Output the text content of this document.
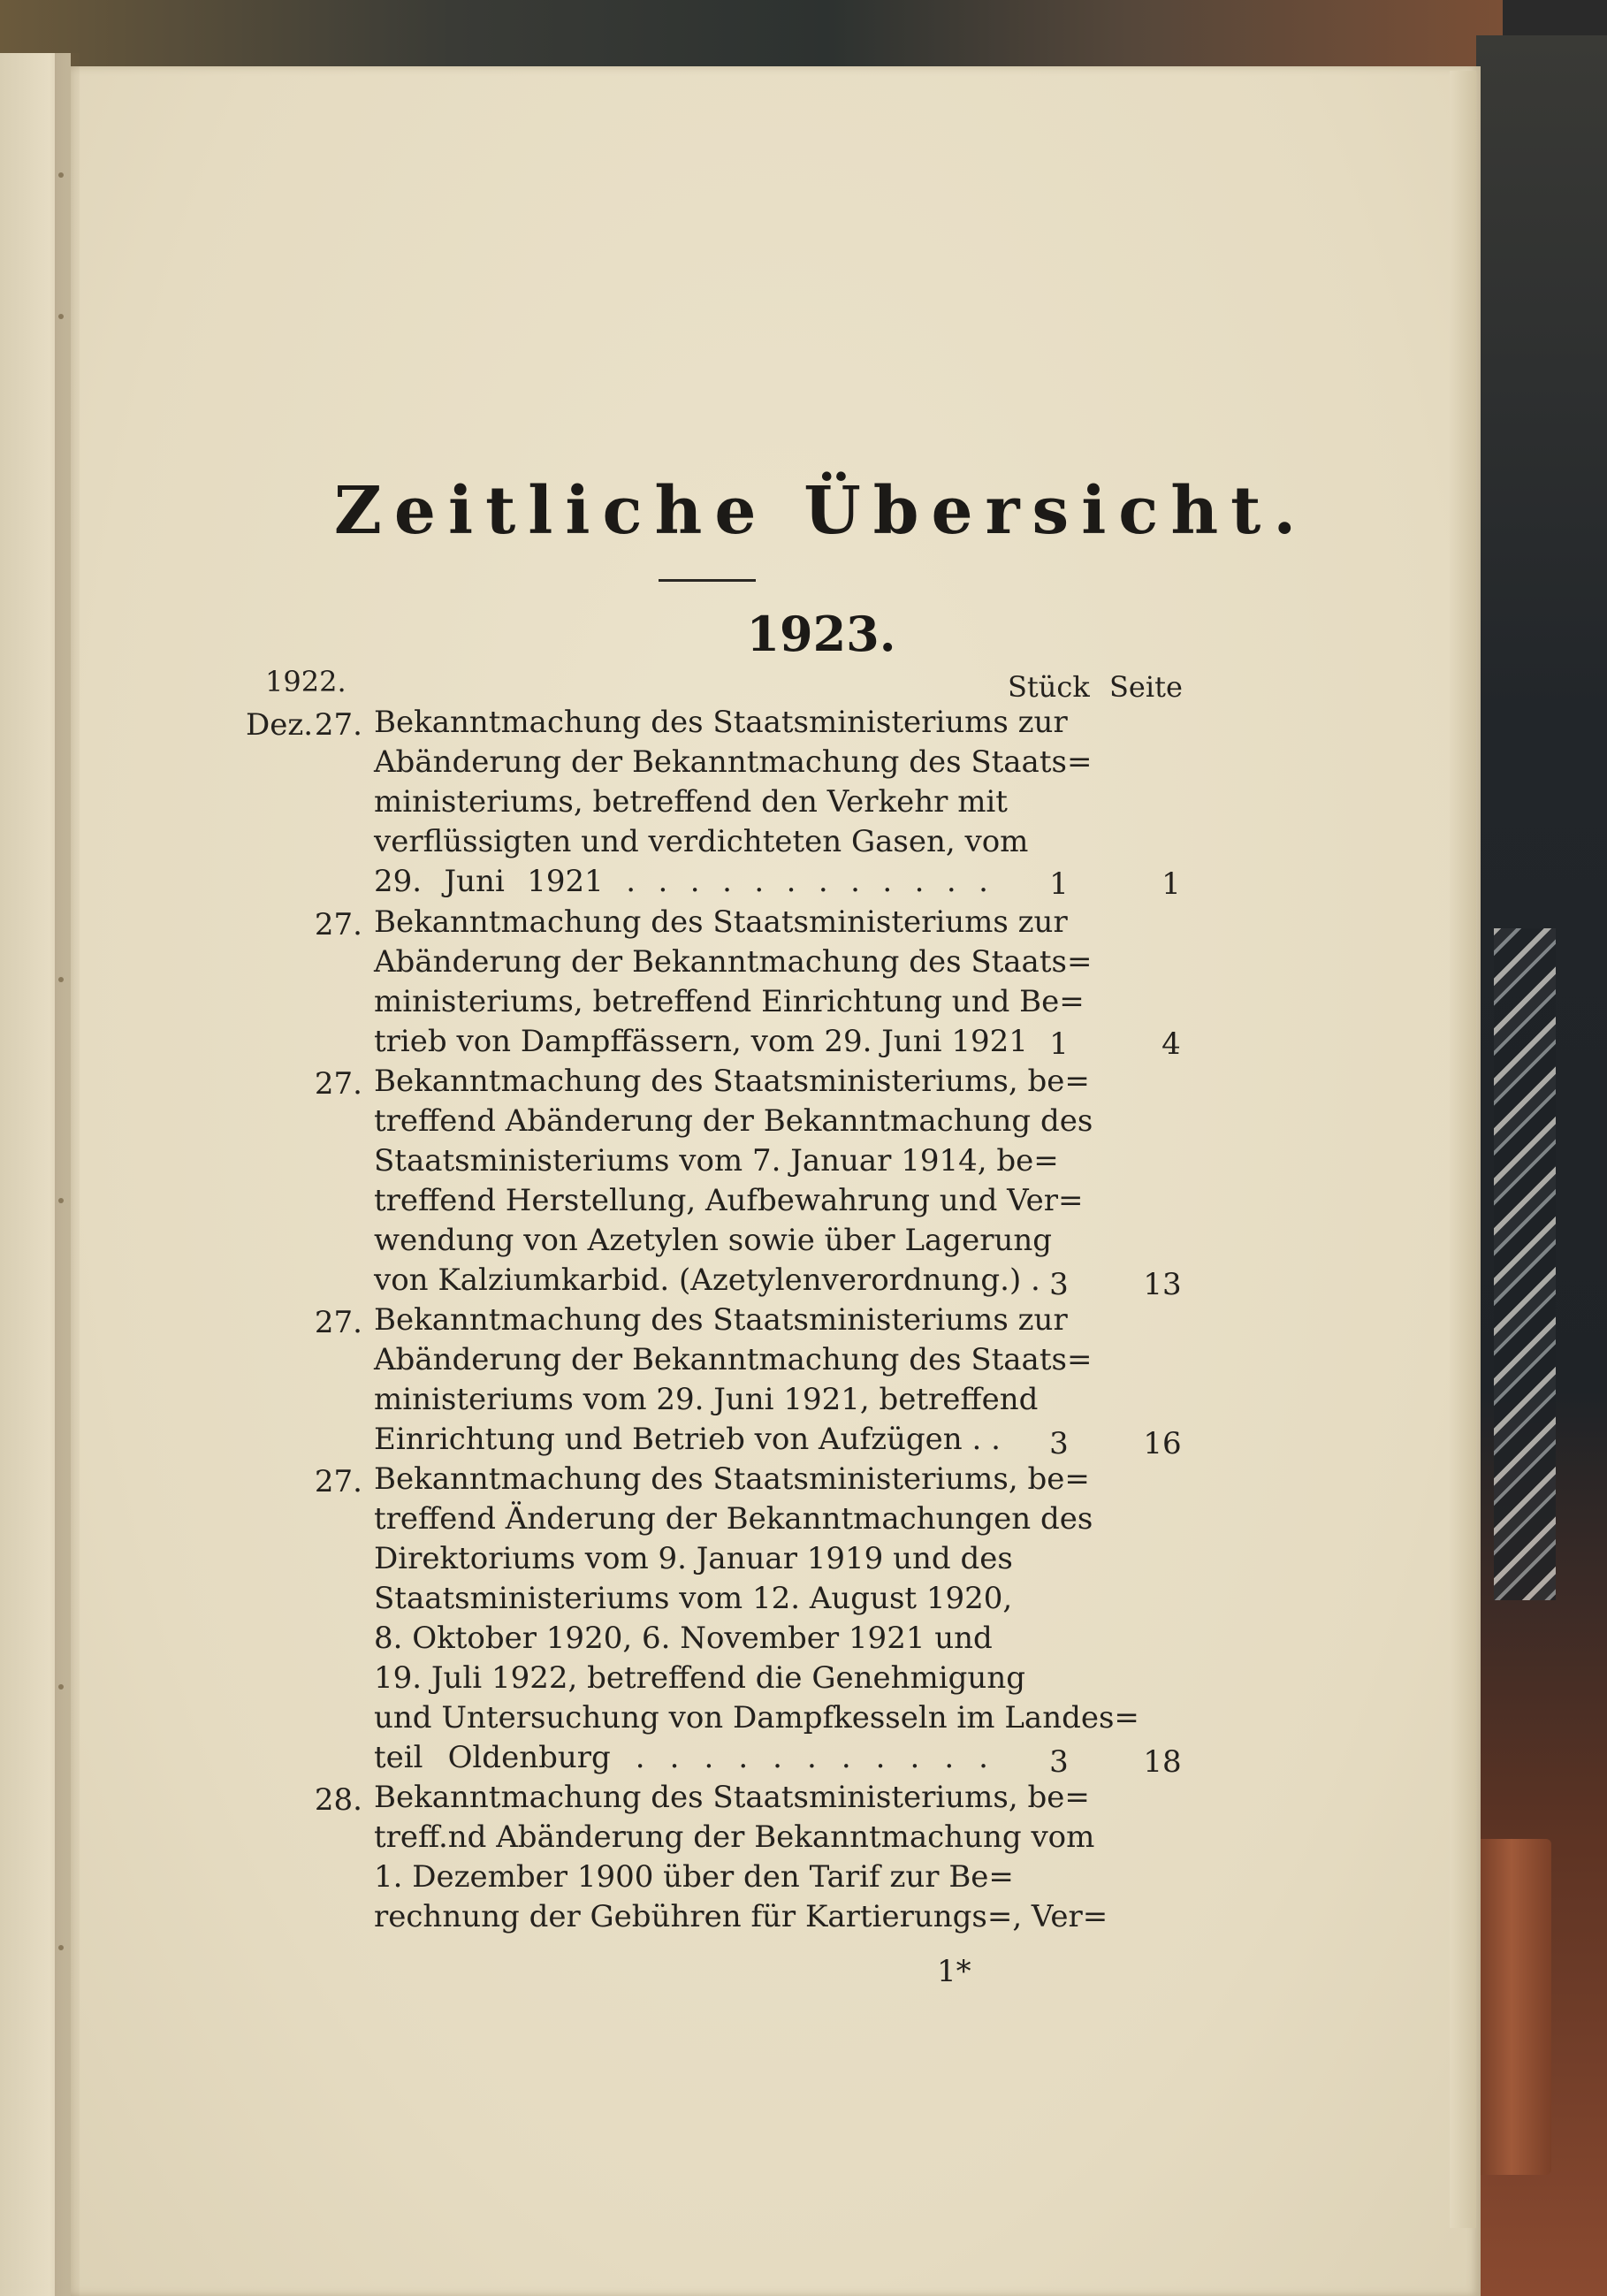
Zeitliche Übersicht.
1923.
1922.	Stück Seite
Dez. 27. Bekanntmachung des Staatsministeriums zur
Abänderung der Bekanntmachung des Staats=
ministeriums, betreffend den Verkehr mit
verflüssigten und verdichteten Gasen, vom
29. Juni 1921 . . . . . . . . . . . .	1	1
27. Bekanntmachung des Staatsministeriums zur
Abänderung der Bekanntmachung des Staats=
ministeriums, betreffend Einrichtung und Be=
trieb von Dampffässern, vom 29. Juni 1921 1	4
27. Bekanntmachung des Staatsministeriums, be=
treffend Abänderung der Bekanntmachung des
Staatsministeriums vom 7. Januar 1914, be=
treffend Herstellung, Aufbewahrung und Ver=
wendung von Azetylen sowie über Lagerung
von Kalziumkarbid. (Azetylenverordnung.) . 3	13
27. Bekanntmachung des Staatsministeriums zur
Abänderung der Bekanntmachung des Staats=
ministeriums vom 29. Juni 1921, betreffend
Einrichtung und Betrieb von Aufzügen . .	3	16
27. Bekanntmachung des Staatsministeriums, be=
treffend Änderung der Bekanntmachungen des
Direktoriums vom 9. Januar 1919 und des
Staatsministeriums vom 12. August 1920,
8. Oktober 1920, 6. November 1921 und
19. Juli 1922, betreffend die Genehmigung
und Untersuchung von Dampfkesseln im Landes=
teil Oldenburg . . . . . . . . . . .	3	18
28. Bekanntmachung des Staatsministeriums, be=
treff.nd Abänderung der Bekanntmachung vom
1. Dezember 1900 über den Tarif zur Be=
rechnung der Gebühren für Kartierungs=, Ver=
1*
